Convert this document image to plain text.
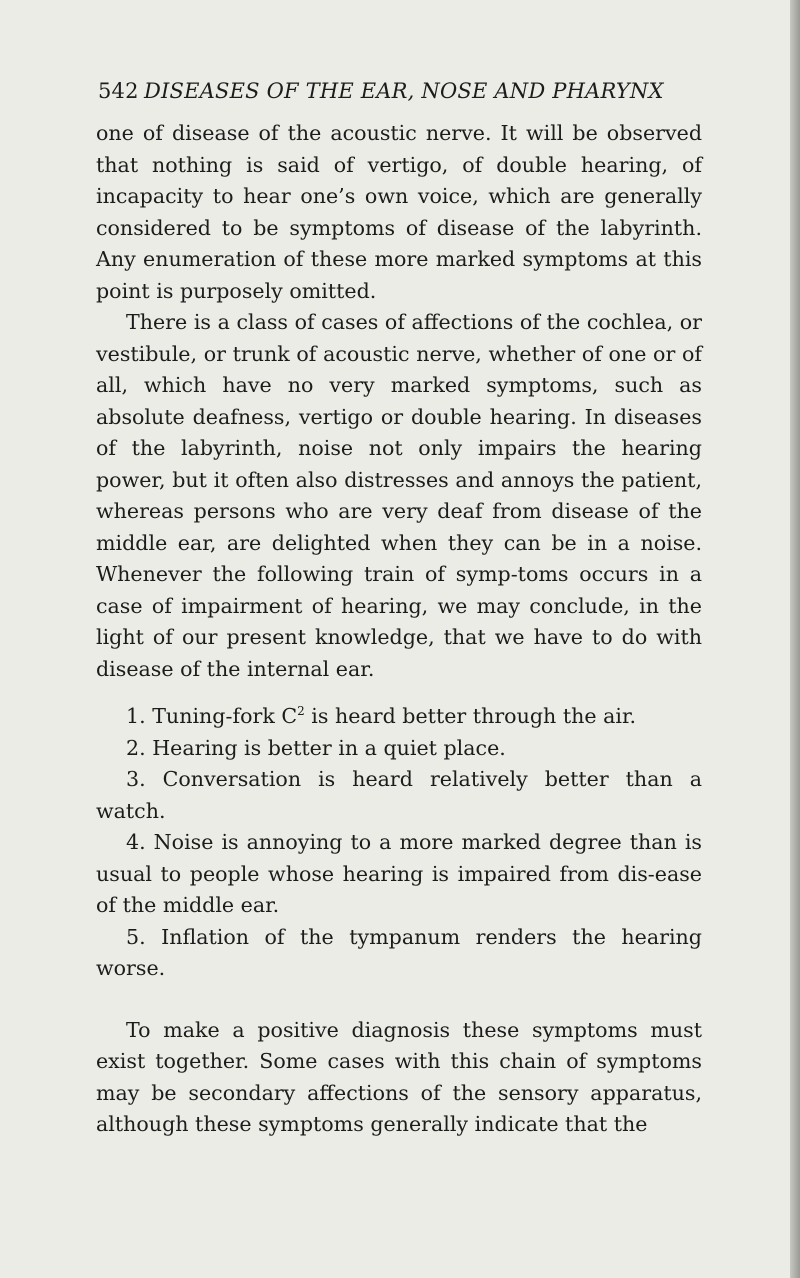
542 DISEASES OF THE EAR, NOSE AND PHARYNX

one of disease of the acoustic nerve. It will be observed that nothing is said of vertigo, of double hearing, of incapacity to hear one’s own voice, which are generally considered to be symptoms of disease of the labyrinth. Any enumeration of these more marked symptoms at this point is purposely omitted.

There is a class of cases of affections of the cochlea, or vestibule, or trunk of acoustic nerve, whether of one or of all, which have no very marked symptoms, such as absolute deafness, vertigo or double hearing. In diseases of the labyrinth, noise not only impairs the hearing power, but it often also distresses and annoys the patient, whereas persons who are very deaf from disease of the middle ear, are delighted when they can be in a noise. Whenever the following train of symp-toms occurs in a case of impairment of hearing, we may conclude, in the light of our present knowledge, that we have to do with disease of the internal ear.

1. Tuning-fork $C^2$ is heard better through the air.

2. Hearing is better in a quiet place.

3. Conversation is heard relatively better than a watch.

4. Noise is annoying to a more marked degree than is usual to people whose hearing is impaired from dis-ease of the middle ear.

5. Inflation of the tympanum renders the hearing worse.

To make a positive diagnosis these symptoms must exist together. Some cases with this chain of symptoms may be secondary affections of the sensory apparatus, although these symptoms generally indicate that the
